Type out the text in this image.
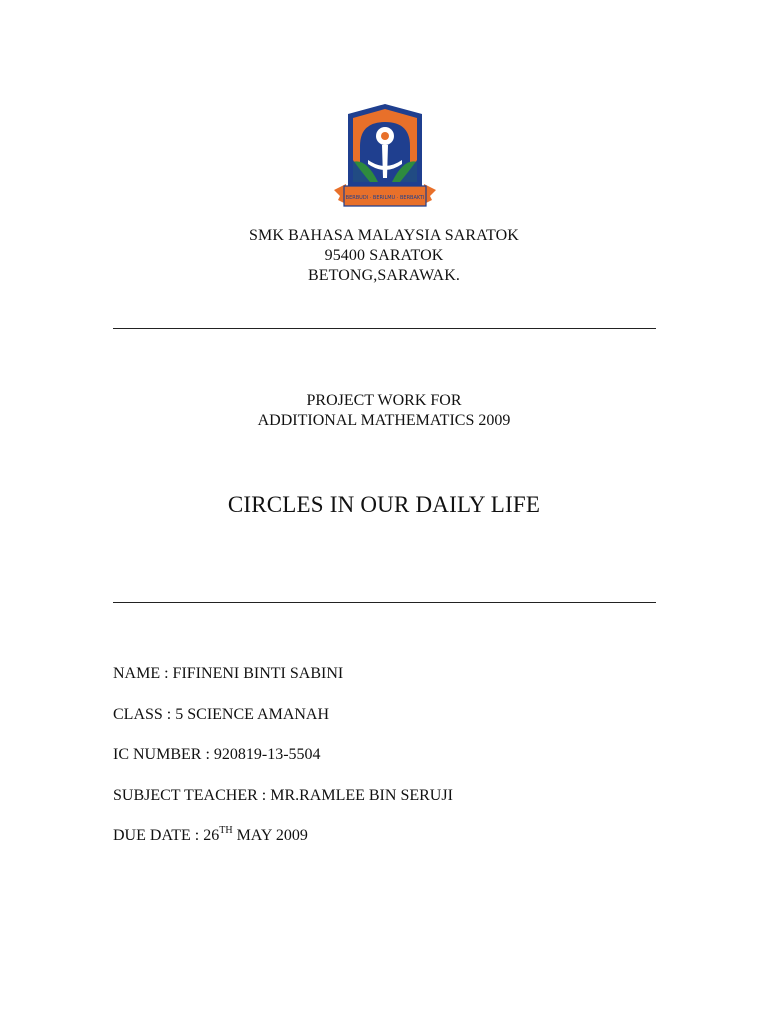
BERBUDI · BERILMU · BERBAKTI
SMK BAHASA MALAYSIA SARATOK
95400 SARATOK
BETONG,SARAWAK.
PROJECT WORK FOR
ADDITIONAL MATHEMATICS 2009
CIRCLES IN OUR DAILY LIFE
NAME : FIFINENI BINTI SABINI
CLASS : 5 SCIENCE AMANAH
IC NUMBER : 920819-13-5504
SUBJECT TEACHER : MR.RAMLEE BIN SERUJI
DUE DATE : 26TH MAY 2009
